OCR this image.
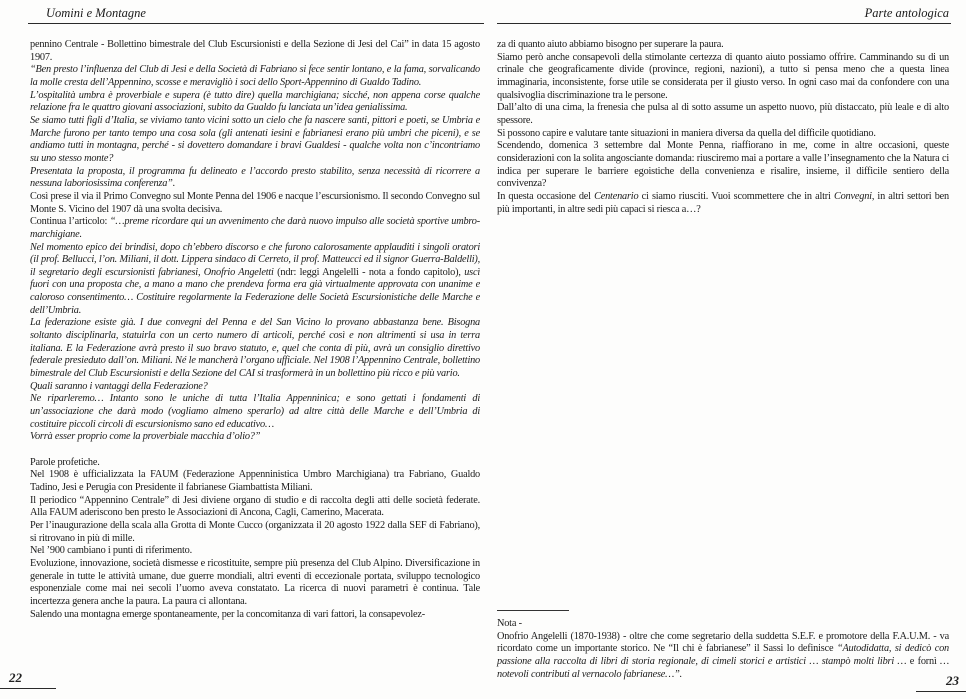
Uomini e Montagne	Parte antologica

pennino Centrale - Bollettino bimestrale del Club Escursionisti e della Sezione di Jesi del Cai” in data 15 agosto 1907.

“Ben presto l’influenza del Club di Jesi e della Società di Fabriano si fece sentir lontano, e la fama, sorvalicando la molle cresta dell’Appennino, scosse e meravigliò i soci dello Sport-Appennino di Gualdo Tadino.

L’ospitalità umbra è proverbiale e supera (è tutto dire) quella marchigiana; sicché, non appena corse qualche relazione fra le quattro giovani associazioni, subito da Gualdo fu lanciata un’idea genialissima.

Se siamo tutti figli d’Italia, se viviamo tanto vicini sotto un cielo che fa nascere santi, pittori e poeti, se Umbria e Marche furono per tanto tempo una cosa sola (gli antenati iesini e fabrianesi erano più umbri che piceni), e se andiamo tutti in montagna, perché - si dovettero domandare i bravi Gualdesi - qualche volta non c’incontriamo su uno stesso monte?

Presentata la proposta, il programma fu delineato e l’accordo presto stabilito, senza necessità di ricorrere a nessuna laboriosissima conferenza”.

Così prese il via il Primo Convegno sul Monte Penna del 1906 e nacque l’escursionismo. Il secondo Convegno sul Monte S. Vicino del 1907 dà una svolta decisiva.

Continua l’articolo: “…preme ricordare qui un avvenimento che darà nuovo impulso alle società sportive umbro-marchigiane.

Nel momento epico dei brindisi, dopo ch’ebbero discorso e che furono calorosamente applauditi i singoli oratori (il prof. Bellucci, l’on. Miliani, il dott. Lippera sindaco di Cerreto, il prof. Matteucci ed il signor Guerra-Baldelli), il segretario degli escursionisti fabrianesi, Onofrio Angeletti (ndr: leggi Angelelli - nota a fondo capitolo), uscì fuori con una proposta che, a mano a mano che prendeva forma era già virtualmente approvata con unanime e caloroso consentimento… Costituire regolarmente la Federazione delle Società Escursionistiche delle Marche e dell’Umbria.

La federazione esiste già. I due convegni del Penna e del San Vicino lo provano abbastanza bene. Bisogna soltanto disciplinarla, statuirla con un certo numero di articoli, perché così e non altrimenti si usa in terra italiana. E la Federazione avrà presto il suo bravo statuto, e, quel che conta di più, avrà un consiglio direttivo federale presieduto dall’on. Miliani. Né le mancherà l’organo ufficiale. Nel 1908 l’Appennino Centrale, bollettino bimestrale del Club Escursionisti e della Sezione del CAI si trasformerà in un bollettino più ricco e più vario.

Quali saranno i vantaggi della Federazione?

Ne riparleremo… Intanto sono le uniche di tutta l’Italia Appenninica; e sono gettati i fondamenti di un’associazione che darà modo (vogliamo almeno sperarlo) ad altre città delle Marche e dell’Umbria di costituire piccoli circoli di escursionismo sano ed educativo…

Vorrà esser proprio come la proverbiale macchia d’olio?”

Parole profetiche.

Nel 1908 è ufficializzata la FAUM (Federazione Appenninistica Umbro Marchigiana) tra Fabriano, Gualdo Tadino, Jesi e Perugia con Presidente il fabrianese Giambattista Miliani.

Il periodico “Appennino Centrale” di Jesi diviene organo di studio e di raccolta degli atti delle società federate. Alla FAUM aderiscono ben presto le Associazioni di Ancona, Cagli, Camerino, Macerata.

Per l’inaugurazione della scala alla Grotta di Monte Cucco (organizzata il 20 agosto 1922 dalla SEF di Fabriano), si ritrovano in più di mille.

Nel ’900 cambiano i punti di riferimento.

Evoluzione, innovazione, società dismesse e ricostituite, sempre più presenza del Club Alpino. Diversificazione in generale in tutte le attività umane, due guerre mondiali, altri eventi di eccezionale portata, sviluppo tecnologico esponenziale come mai nei secoli l’uomo aveva constatato. La ricerca di nuovi parametri è continua. Tale incertezza genera anche la paura. La paura ci allontana.

Salendo una montagna emerge spontaneamente, per la concomitanza di vari fattori, la consapevolez-

za di quanto aiuto abbiamo bisogno per superare la paura.

Siamo però anche consapevoli della stimolante certezza di quanto aiuto possiamo offrire. Camminando su di un crinale che geograficamente divide (province, regioni, nazioni), a tutto si pensa meno che a questa linea immaginaria, inconsistente, forse utile se considerata per il giusto verso. In ogni caso mai da confondere con una qualsivoglia discriminazione tra le persone.

Dall’alto di una cima, la frenesia che pulsa al di sotto assume un aspetto nuovo, più distaccato, più leale e di alto spessore.

Si possono capire e valutare tante situazioni in maniera diversa da quella del difficile quotidiano.

Scendendo, domenica 3 settembre dal Monte Penna, riaffiorano in me, come in altre occasioni, queste considerazioni con la solita angosciante domanda: riusciremo mai a portare a valle l’insegnamento che la Natura ci indica per superare le barriere egoistiche della convenienza e risalire, insieme, il difficile sentiero della convivenza?

In questa occasione del Centenario ci siamo riusciti. Vuoi scommettere che in altri Convegni, in altri settori ben più importanti, in altre sedi più capaci si riesca a…?

Nota -

Onofrio Angelelli (1870-1938) - oltre che come segretario della suddetta S.E.F. e promotore della F.A.U.M. - va ricordato come un importante storico. Ne “Il chi è fabrianese” il Sassi lo definisce “Autodidatta, si dedicò con passione alla raccolta di libri di storia regionale, di cimeli storici e artistici … stampò molti libri … e fornì … notevoli contributi al vernacolo fabrianese…”.

22	23
